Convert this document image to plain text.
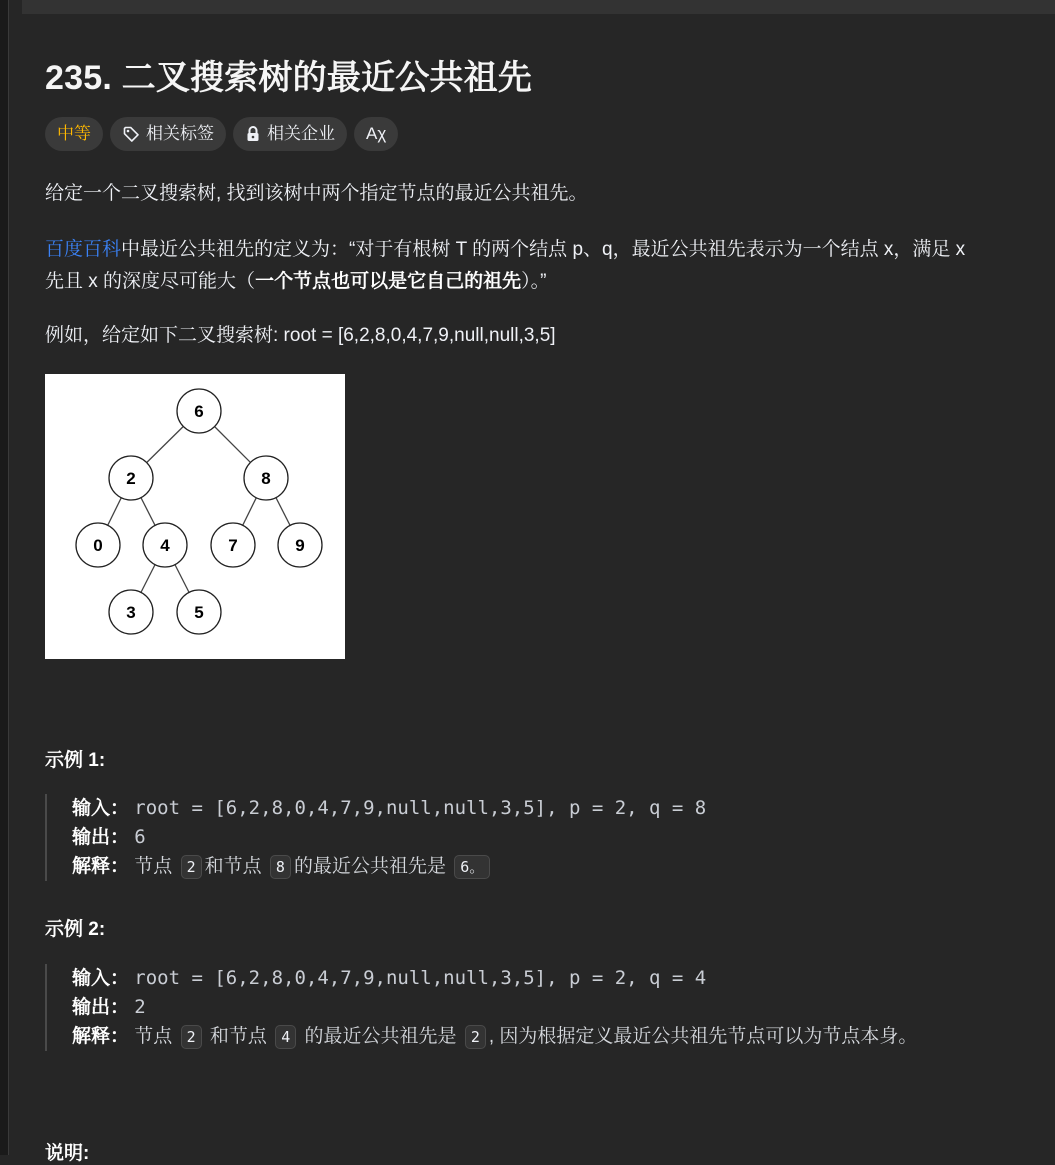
235. 二叉搜索树的最近公共祖先
中等	相关标签	相关企业 Aχ
给定一个二叉搜索树, 找到该树中两个指定节点的最近公共祖先。
百度百科中最近公共祖先的定义为：“对于有根树 T 的两个结点 p、q，最近公共祖先表示为一个结点 x，满足 x
先且 x 的深度尽可能大（一个节点也可以是它自己的祖先）。”
例如，给定如下二叉搜索树: root = [6,2,8,0,4,7,9,null,null,3,5]
6
2	8
0	4	7	9
3	5
示例 1:
输入： root = [6,2,8,0,4,7,9,null,null,3,5], p = 2, q = 8
输出： 6
解释： 节点 2 和节点 8 的最近公共祖先是 6。
示例 2:
输入： root = [6,2,8,0,4,7,9,null,null,3,5], p = 2, q = 4
输出： 2
解释： 节点 2 和节点 4 的最近公共祖先是 2 , 因为根据定义最近公共祖先节点可以为节点本身。
说明:
